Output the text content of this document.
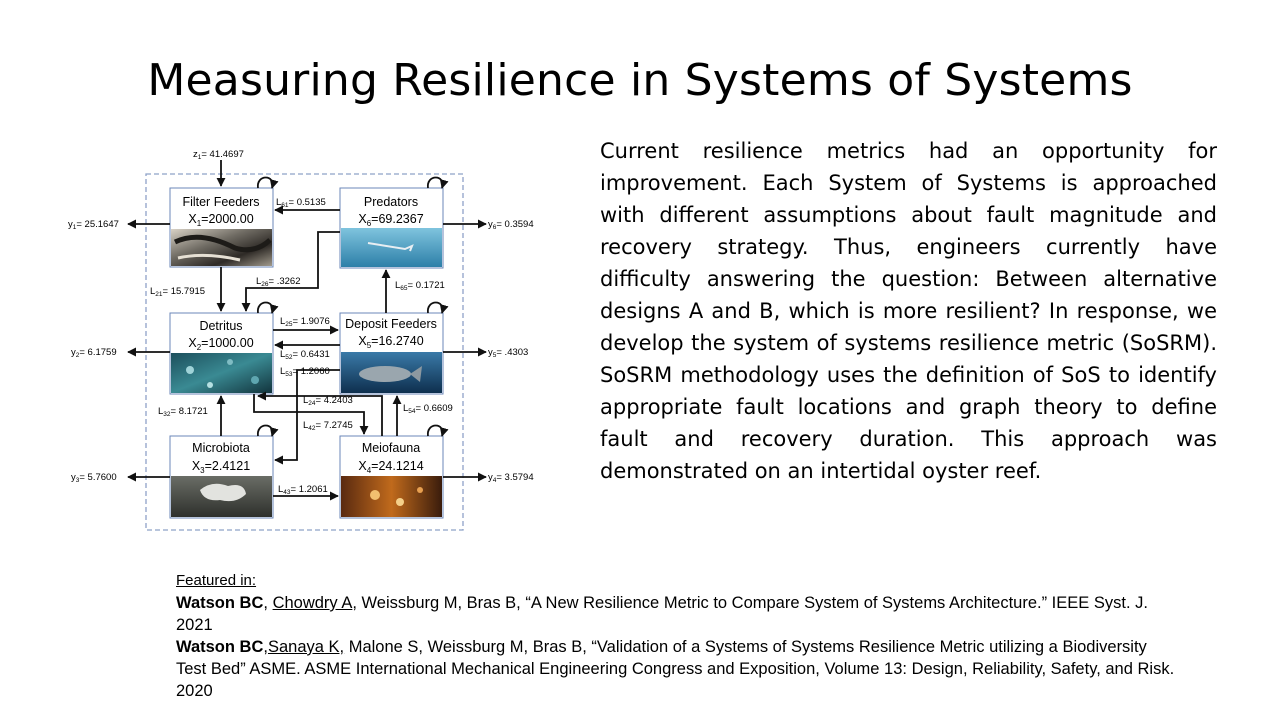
Measuring Resilience in Systems of Systems
Filter Feeders
$X_1=2000.00$
Predators
$X_6=69.2367$
Detritus
$X_2=1000.00$
Deposit Feeders
$X_5=16.2740$
Microbiota
$X_3=2.4121$
Meiofauna
$X_4=24.1214$
$z_1= 41.4697$
$y_1= 25.1647$	$y_6= 0.3594$
$y_2= 6.1759$	$y_5= .4303$
$y_3= 5.7600$	$y_4= 3.5794$
$L_{61}= 0.5135$
$L_{26}= .3262$
$L_{21}= 15.7915$
$L_{65}= 0.1721$
$L_{25}= 1.9076$
$L_{52}= 0.6431$
$L_{53}= 1.2060$
$L_{24}= 4.2403$
$L_{32}= 8.1721$	$L_{54}= 0.6609$
$L_{42}= 7.2745$
$L_{43}= 1.2061$
Current resilience metrics had an opportunity for improvement. Each System of Systems is approached with different assumptions about fault magnitude and recovery strategy. Thus, engineers currently have difficulty answering the question: Between alternative designs A and B, which is more resilient? In response, we develop the system of systems resilience metric (SoSRM). SoSRM methodology uses the definition of SoS to identify appropriate fault locations and graph theory to define fault and recovery duration. This approach was demonstrated on an intertidal oyster reef.
Featured in:
Watson BC, Chowdry A, Weissburg M, Bras B, “A New Resilience Metric to Compare System of Systems Architecture.” IEEE Syst. J. 2021
Watson BC,Sanaya K, Malone S, Weissburg M, Bras B, “Validation of a Systems of Systems Resilience Metric utilizing a Biodiversity Test Bed” ASME. ASME International Mechanical Engineering Congress and Exposition, Volume 13: Design, Reliability, Safety, and Risk. 2020
